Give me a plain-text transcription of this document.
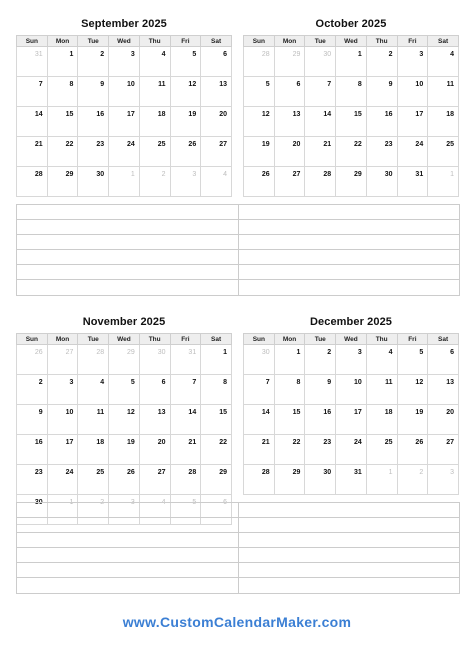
September 2025
Sun	Mon	Tue	Wed	Thu	Fri	Sat

31	1	2	3	4	5	6

7	8	9	10	11	12	13

14	15	16	17	18	19	20

21	22	23	24	25	26	27

28	29	30	1	2	3	4
October 2025
Sun	Mon	Tue	Wed	Thu	Fri	Sat

28	29	30	1	2	3	4

5	6	7	8	9	10	11

12	13	14	15	16	17	18

19	20	21	22	23	24	25

26	27	28	29	30	31	1
November 2025
Sun	Mon	Tue	Wed	Thu	Fri	Sat

26	27	28	29	30	31	1

2	3	4	5	6	7	8

9	10	11	12	13	14	15

16	17	18	19	20	21	22

23	24	25	26	27	28	29

30	1	2	3	4	5	6
December 2025
Sun	Mon	Tue	Wed	Thu	Fri	Sat

30	1	2	3	4	5	6

7	8	9	10	11	12	13

14	15	16	17	18	19	20

21	22	23	24	25	26	27

28	29	30	31	1	2	3
www.CustomCalendarMaker.com
